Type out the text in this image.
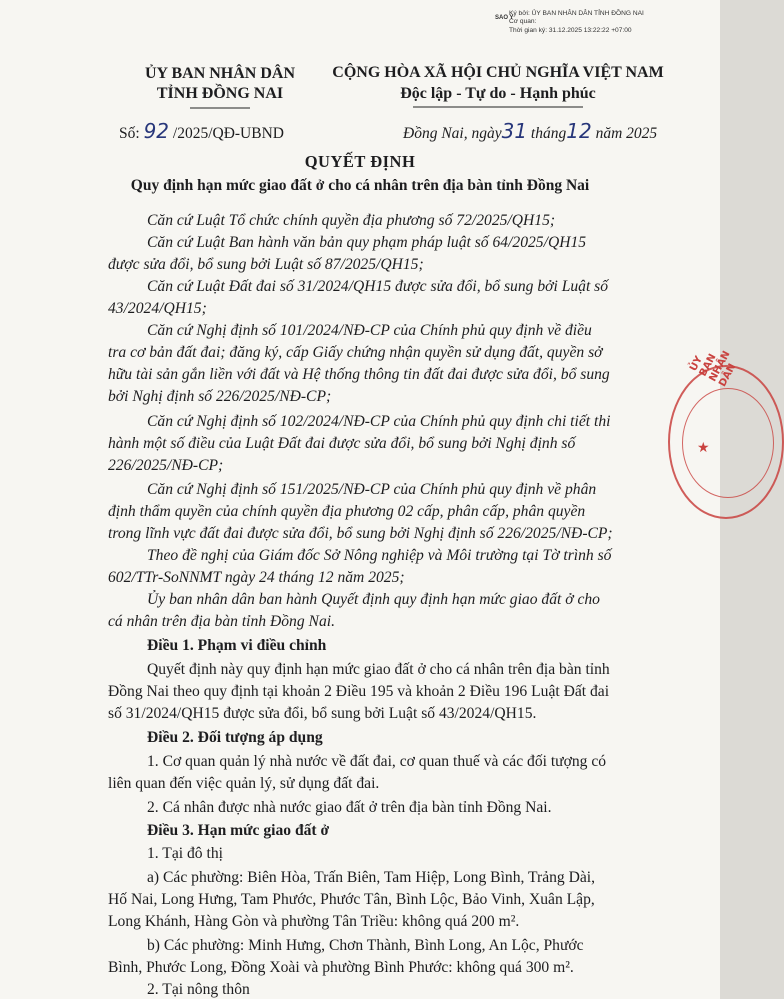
SAO Y
Ký bởi: ỦY BAN NHÂN DÂN TỈNH ĐỒNG NAI
Cơ quan:
Thời gian ký: 31.12.2025 13:22:22 +07:00
ỦY BAN NHÂN DÂN
TỈNH ĐỒNG NAI
CỘNG HÒA XÃ HỘI CHỦ NGHĨA VIỆT NAM
Độc lập - Tự do - Hạnh phúc
Số: 92 /2025/QĐ-UBND	Đồng Nai, ngày31 tháng12 năm 2025
QUYẾT ĐỊNH
Quy định hạn mức giao đất ở cho cá nhân trên địa bàn tỉnh Đồng Nai
Căn cứ Luật Tổ chức chính quyền địa phương số 72/2025/QH15;
Căn cứ Luật Ban hành văn bản quy phạm pháp luật số 64/2025/QH15
được sửa đổi, bổ sung bởi Luật số 87/2025/QH15;
Căn cứ Luật Đất đai số 31/2024/QH15 được sửa đổi, bổ sung bởi Luật số
43/2024/QH15;
Căn cứ Nghị định số 101/2024/NĐ-CP của Chính phủ quy định về điều
tra cơ bản đất đai; đăng ký, cấp Giấy chứng nhận quyền sử dụng đất, quyền sở
hữu tài sản gắn liền với đất và Hệ thống thông tin đất đai được sửa đổi, bổ sung
bởi Nghị định số 226/2025/NĐ-CP;
Căn cứ Nghị định số 102/2024/NĐ-CP của Chính phủ quy định chi tiết thi
hành một số điều của Luật Đất đai được sửa đổi, bổ sung bởi Nghị định số
226/2025/NĐ-CP;
Căn cứ Nghị định số 151/2025/NĐ-CP của Chính phủ quy định về phân
định thẩm quyền của chính quyền địa phương 02 cấp, phân cấp, phân quyền
trong lĩnh vực đất đai được sửa đổi, bổ sung bởi Nghị định số 226/2025/NĐ-CP;
Theo đề nghị của Giám đốc Sở Nông nghiệp và Môi trường tại Tờ trình số
602/TTr-SoNNMT ngày 24 tháng 12 năm 2025;
Ủy ban nhân dân ban hành Quyết định quy định hạn mức giao đất ở cho
cá nhân trên địa bàn tỉnh Đồng Nai.
Điều 1. Phạm vi điều chỉnh
Quyết định này quy định hạn mức giao đất ở cho cá nhân trên địa bàn tỉnh
Đồng Nai theo quy định tại khoản 2 Điều 195 và khoản 2 Điều 196 Luật Đất đai
số 31/2024/QH15 được sửa đổi, bổ sung bởi Luật số 43/2024/QH15.
Điều 2. Đối tượng áp dụng
1. Cơ quan quản lý nhà nước về đất đai, cơ quan thuế và các đối tượng có
liên quan đến việc quản lý, sử dụng đất đai.
2. Cá nhân được nhà nước giao đất ở trên địa bàn tỉnh Đồng Nai.
Điều 3. Hạn mức giao đất ở
1. Tại đô thị
a) Các phường: Biên Hòa, Trấn Biên, Tam Hiệp, Long Bình, Trảng Dài,
Hố Nai, Long Hưng, Tam Phước, Phước Tân, Bình Lộc, Bảo Vinh, Xuân Lập,
Long Khánh, Hàng Gòn và phường Tân Triều: không quá 200 m².
b) Các phường: Minh Hưng, Chơn Thành, Bình Long, An Lộc, Phước
Bình, Phước Long, Đồng Xoài và phường Bình Phước: không quá 300 m².
2. Tại nông thôn
ỦY BAN NHÂN DÂN
★
